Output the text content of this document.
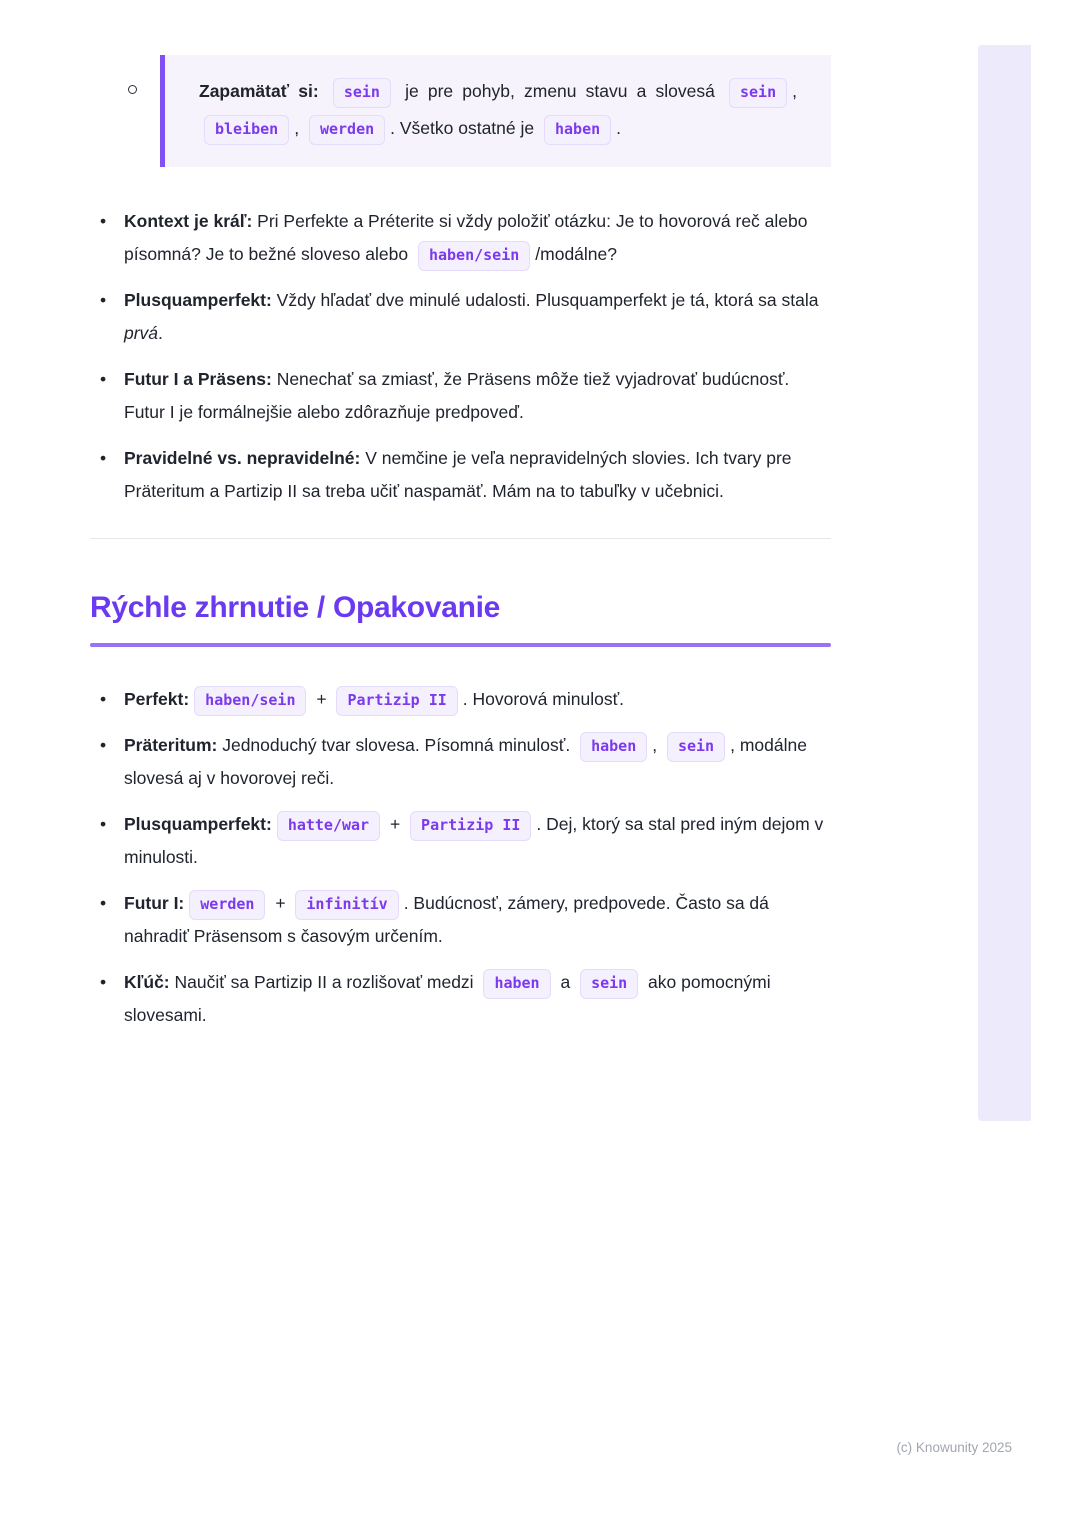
Zapamätať si: sein je pre pohyb, zmenu stavu a slovesá sein , bleiben , werden . Všetko ostatné je haben .
• Kontext je kráľ: Pri Perfekte a Préterite si vždy položiť otázku: Je to hovorová reč alebo písomná? Je to bežné sloveso alebo haben/sein /modálne?
• Plusquamperfekt: Vždy hľadať dve minulé udalosti. Plusquamperfekt je tá, ktorá sa stala prvá.
• Futur I a Präsens: Nenechať sa zmiasť, že Präsens môže tiež vyjadrovať budúcnosť. Futur I je formálnejšie alebo zdôrazňuje predpoveď.
• Pravidelné vs. nepravidelné: V nemčine je veľa nepravidelných slovies. Ich tvary pre Präteritum a Partizip II sa treba učiť naspamäť. Mám na to tabuľky v učebnici.
Rýchle zhrnutie / Opakovanie
• Perfekt: haben/sein + Partizip II . Hovorová minulosť.
• Präteritum: Jednoduchý tvar slovesa. Písomná minulosť. haben , sein , modálne slovesá aj v hovorovej reči.
• Plusquamperfekt: hatte/war + Partizip II . Dej, ktorý sa stal pred iným dejom v minulosti.
• Futur I: werden + infinitív . Budúcnosť, zámery, predpovede. Často sa dá nahradiť Präsensom s časovým určením.
• Kľúč: Naučiť sa Partizip II a rozlišovať medzi haben a sein ako pomocnými slovesami.
(c) Knowunity 2025
